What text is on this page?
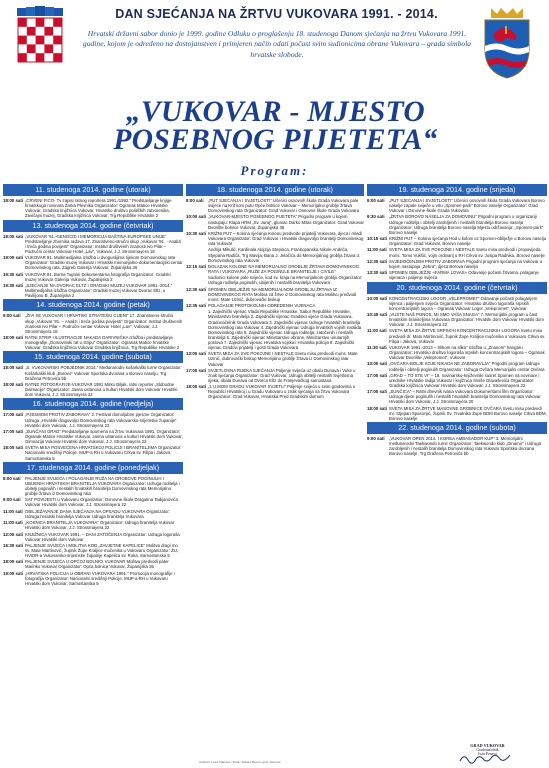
DAN SJEĆANJA NA ŽRTVU VUKOVARA 1991. - 2014.
Hrvatski državni sabor donio je 1999. godine Odluku o proglašenju 18. studenoga Danom sjećanja na žrtvu Vukovara 1991. godine, kojom je određeno na dostojanstven i primjeren način odati počast svim sudionicima obrane Vukovara – grada simbola hrvatske slobode.
„VUKOVAR - MJESTO
POSEBNOG PIJETETA“
Program:
11. studenoga 2014. godine (utorak)
18:00 sati „CRVENI FIĆO- Tv zapisi ratnog reportera 1991./1992.“ Predstavljanje knjige hrvatskoga novinara Žarka Plevnika Organizator: Ogranak Matice Hrvatske Vukovar, Gradska knjižnica Vukovar, Hrvatsko društvo političkih zatvorenika, Zavičajni muzej, Gradska knjižnica Vukovar, Trg Republike Hrvatske 2
13. studenoga 2014. godine (četvrtak)
18:00 sati „VUKOVAR '91.-GENOCID I MEMORICIJA BAŠTINA EUROPSKE UNIJE“ Predstavljanje zbornika radova 17. Znanstveno-stručni skup „Vukovar '91. - Analizi i treća godina povijesti“ Organizator: Institut društvenih znanosti Ivo Pilar – Područni centar Vukovar Hotel „Lav“, Vukovar, J.J. Strossmayera 18
19:00 sati VUKOVAR 91. Multimedijalna izložba u dvoguslijima tijekom Domovinskog rata Organizator: Gradski muzej Vukovar i Hrvatski memorijalno-dokumentacijski centar Domovinskog rata, Zagreb Galerija Vukovar, Županijska 36
19:30 sati VUKOVAR 91. Borna Tognini Dokumentarna fotografija Organizator: Gradski muzej Vukovar Galerija Vukovar, Županijska 2
19:30 sati „SJEĆANJE NA DVORAC ELTZ I GRADSKI MUZEJ VUKOVAR 1991.-2014.“ Multimedijalna izložba Organizator: Gradski muzej Vukovar Dvorac Eltz, u Pavilijonu B, Županijska 2
14. studenoga 2014. godine (petak)
9:00 sati	„ŽIVI SE VUKOVAR I HRVATSKI STRATEŠKI CIJENI“ 17. Znanstveno-stručni skup „Vukovar '91. – Analizi i treća godina povijesti“ Organizator: Institut društvenih znanosti Ivo Pilar – Područni centar Vukovar Hotel „Lav“, Vukovar, J.J. Strossmayera 18
18:00 sati RATNI STRIP I ILUSTRACIJE NAKADA DARIVNIČKA Izložba i predstavljanje monografije „Domovinski rat u stripu“ Organizator: Ogranak Matice hrvatske Vukovar, Gradska knjižnica Vukovar Gradska knjižnica, Trg Republike Hrvatske 2
15. studenoga 2014. godine (subota)
18:00 sati „S. VUKOVARSKI POBJEDNIK 2014.“ Međunarodni košarkaški turnir Organizator: Košarkaški klub „Borovo“ Vukovar Sportska dvorana u Borovo naselju, Trg Dražena Petrovića bb
18:00 sati RATNE FOTOGRAFIJE-VUKOVAR 1991 Mirko Biljak, ratni reporter „Slobodne Dalmacije“ Organizator: Javna ustanova u kulturi Hrvatski dom Vukovar Hrvatski dom Vukovar, J.J. Strossmayera 22
16. studenoga 2014. godine (nedjelja)
17:00 sati „PJESMOM PROTIV ZABORAVA“ 2. Festival domoljubne pjesme Organizator: Udruga „Hrvatski dragovoljci Domovinskog rata Vukovarsko-srijemske županije“ Hrvatski dom Vukovar, J.J. Strossmayera 22
17:00 sati „SUNČANI GRAD“ Predstavljanje spomena na žrtvu Vukovara 1991. Organizator: Ogranak Matice Hrvatske Vukovar, Javna ustanova u kulturi Hrvatski dom Vukovar, Gimnazija Vukovar Hrvatski dom Vukovar, J.J. Strossmayera 22
18:00 sati SVETA MISA POSVEĆENA HRVATSKOJ POLICIJI I BRANITELJIMA Organizator: Nacionalni središnji Policije, MUP-a RH u Vukovaru Crkva sv. Filipa i Jakova, Samostanska 5
17. studenoga 2014. godine (ponedjeljak)
8:00 sati	PALJENJE SVIJEĆA I POLAGANJE RUŽA NA GROBOVE POGINULIH I UBIJENIH HRVATSKIH BRANITELJA VUKOVARA Organizator: Udruga roditelja i obitelji poginulih i nestalih hrvatskih branitelja Domovinskog rata Memorijalno groblje žrtava iz Domovinskog rata
9:00 sati	SAT POVIJESTI u Vukovaru Organizator: Osnovne škole Dragutina Tadijanovića Vukovar Hrvatski dom Vukovar, J.J. Strossmayera 22
11:00 sati OBILJEŽAVANJE DANA SJEĆANJA NA OPSADU VUKOVARA Organizator: Udruga hrvatski branitelja Vukovar Udruga branitelja Vukovara
11:00 sati „KOSNICA BRANITELJA VUKOVARA“ Organizator: Udruga branitelja Vukovar Hrvatski dom Vukovar, J.J. Strossmayera 22
12:00 sati KNJIŽNICA VUKOVAR 1991. – DANI ZATOČENJA Organizator: Udruga logoraša Vukovar Hrvatski dom Vukovar
16:30 sati PALJENJE SVIJEĆA I MOLITVA KOD „ZAVJETNE KAPELICE“ Molitva dragi mo sv. Mate Martinović, župnik Župe Kraljice mučenika u Vukovaru Organizator: ŽU, HVIDR-a Vukovarsko-srijemske županije Kapelica sv. Roka, Samostanska 5
18:00 sati PALJENJE SVIJEĆA U OPĆOJ BOLNICI VUKOVAR Molitva predvodi pater Marinko Vukovar Organizator: Opća bolnica Vukovar, Županijska 35
19:00 sati „HRVATSKA POLICIJA U OBRANI VUKOVARA 1991.“ Promocija monografije i fotografija Organizator: Nacionalni središnji Policije, MUP-a RH u Vukovaru Hrvatski dom Vukovar, Samostanska 5
18. studenoga 2014. godine (utorak)
8:00 sati	„PUT SJEĆANJA I SVJETLOSTI“ Učenici osnovnih škola Grada Vukovara pale svijeće na Križnom putu Opće bolnice Vukovar – Memorijalno groblje žrtava Domovinskog rata Organizator: Grad Vukovar i Osnovne škole Grada Vukovara
10:00 sati „VUKOVAR-MJESTO POSEBNOG PIJETETA“ Prigodni program u kojem nastupaju: Klapa HRM „Sv. Juraj“, glumac Darko Milas Organizator: Grad Vukovar Dvorište bolnice Vukovar, Županijska 35
10:30 sati KRIŽNI PUT – Kolona sjećanja Kolonu predvode prijatelji Vukovara, djeca i mladi Vukovara Organizator: Grad Vukovar i Hrvatski dragovoljci branitelji Domovinskog rata Vukovar
Andrija Mikulić, Kardinala Alojzija Stepinca, Frankopanska Nikole Andrića, Stjepana Radića, Trg Mavija, Bana J. Jelačića do Memorijalnog groblja žrtava iz Domovinskog rata Vukovar
12:15 sati DOLAZAK KOLONE NA MEMORIJALNO GROBLJE ŽRTAVA DOMOVINSKOG RATA I VUKOVARA „RUŽE ZA POGINULE BRANITELJE I CIVILE“
Sudionici kolone pale svijeće, kod sv. kraja na Memorijalnom groblju Organizator: Udruga roditelja poginulih, ubijenih i nestalih branitelja Vukovara
12:30 sati SPOMEN OBILJEŽJE NA MEMORIJALNOM GROBLJU ŽRTAVA IZ DOMOVINSKOG RATA Molitva za žrtve iz Domovinskog rata Molitvu predvodi mons. Mate Uzinić, dubrovački biskup
12:35 sati POLAGANJE PROTOKOLNIH ODREDENIH VIJENACA
1. Zajednički vijenac Vlada Republike Hrvatske, Sabor Republike Hrvatske, Ministarstvo branitelja 2. Zajednički vijenac Gradsko vijeće Grada Vukovara, Gradonačelnik Grada Vukovara 3. Zajednički vijenac Udruge hrvatskih branitelja Domovinskog rata Vukovar 4. Zajednički vijenac Udruga hrvatskih vojnih invalida Domovinskog rata 5. Zajednički vijenac Udruga roditelja, zatočenih i nestalih branitelja 6. Zajednički vijenac Ministarstvo obrane, Ministarstvo unutarnjih poslova 7. Zajednički vijenac Hrvatska vojska i Hrvatska policija 8. Zajednički vijenac Gradovi prijatelji i gosti Grada Vukovara
13:00 sati SVETA MISA ZA SVE POKOJNE I NESTALE Svetu misu predvodi mons. Mate Uzinić, dubrovački biskup Memorijalno groblje žrtava iz Domovinskog rata Vukovar
17:00 sati SVJETLOSNA RIJEKA SJEĆANJA Paljenje svijeća uz obalu Dunava i Vuke u znak sjećanja Organizator: Grad Vukovar, Udruga obitelji nestalih Svjetlosna rijeka, obala Dunava od Dvorca Eltz do Franjevačkog samostana
18:00 sati „1 U MOM GRADU VUKOVAR SVJETLI“ Paljenje svijeća u svim gradovima u Republici Hrvatskoj i u Gradu Vukovaru u znak sjećanja na žrtvu Vukovara Organizator: Grad Vukovar, Hrvatska Pred Gradskim domom
19. studenoga 2014. godine (srijeda)
8:00 sati	„PUT SJEĆANJA I SVJETLOSTI“ Učenici osnovnih škola Grada Vukovara Borovo naselje zapale svijeće u vrtu „Spomen-park“ Borovo naselje Organizator: Grad Vukovar i Osnovne škole Grada Vukovara
9:30 sati	„ŽRTVA BOROVO NASELJA ZA DOMOVINU“ Prigodni program u organizaciji Udruge roditelja i obitelji zarobljenih i nestalih branitelja Borovo naselja Organizator: Udruga branitelja Borovo naselja Mjesto održavanja: „Spomen-park“ Borovo naselje
10:15 sati KRIŽNI PUT – Kolona sjećanja Hod u koloni uz Spomen-obilježje u Borovu naselju Organizator: Grad Vukovar, Borovo naselje
11:00 sati SVETA MISA ZA SVE POKOJNE I NESTALE Svetu misu predvodi i propovijeda mons. Tomo Vukšić, vojni ordinarij u RH Crkva sv. Josipa Radnika, Borovo naselje
12:30 sati SVJEDOČENJEM PROTIV ZABORAVA Prigodni program sjećanja na Vukovar u kojem nastupaju „Zebra“, djeca Borova naselja
13:30 sati SPOMEN OBILJEŽJE «FARMA LOVAS» Odavanje počasti žrtvama, polaganje vijenaca i paljenje svijeća
20. studenoga 2014. godine (četvrtak)
10:00 sati KONCENTRACIJSKI LOGOR „VELEPROMET“ Odavanje počasti polaganjem vijenca i paljenjem svijeća Organizator: Hrvatsko društvo logoraša srpskih koncentracijskih logora – Ogranak Vukovar Logor „Velepromet“, Vukovar
10:45 sati „VUSTE NAŠ PONOS, MI SMO VAŠA SNAGA“ 7. Memorijalni program u čast hrvatskim braniteljima Vukovara Organizator: Hrvatski dom Vukovar Hrvatski dom Vukovar, J.J. Strossmayera 22
11:00 sati SVETA MISA ZA ŽRTVE SRPSKIH KONCENTRACIJSKIH LOGORA Svetu misu predvodi dr. Mato Martinović, župnik Župe Kraljice mučenika u Vukovaru Crkva sv. Filipa i Jakova, Vukovar
11:30 sati VUKOVAR 1991.-2013 – Slikom na slika“ Izložba u „Znanom“ hangaru Organizator: Hrvatsko društvo logoraša srpskih koncentracijskih logora – Ogranak Vukovar Dvorište „Velepromet“, Vukovar
13:00 sati „OVČARA-BOLJE KOJE NIKADA NE ZABORAVLJA“ Prigodni program Udruge roditelja i obitelji poginulih Organizator: Udruga Ovčara Memorijalni centar Ovčara
17:00 sati „GRAD – TO STE VI“ – 18. novinarsko-književniki susret Spomen na novinare i urednike Hrvatske radija Vukovar i knjižnica Siniše Glavaševića Organizator: Gradska knjižnica Vukovar Hrvatski dom Vukovar, J.J. Strossmayera 22
17:00 sati „SUNČICA“ – Ratni dnevnik Ivana Vukovara Dokumentarni film Organizator: Udruga djece poginulih i nestalih hrvatskih branitelja Domovinskog rata Vukovar Hrvatski dom Vukovar, J.J. Strossmayera 20
18:00 sati SVETA MISA ZA ŽRTVE MASOVNE GROBNICE OVČARA Svetu misu predvodi mr. Stjepan Spasonjić, župnik Sv. Trvatnika Župe BDM Borovo naselje Crkva BDM, Borovo naselje
22. studenoga 2014. godine (subota)
9:00 sati	„VUKOVAR OPEN 2014. I KOREA AMBASADOR KUP“ 3. Memorijalni međunarodni Taekwondo turnir Organizator: Taekwondo klub „Dinamo“ i Udruga zarobljenih i nestalih branitelja Domovinskog rata Vukovar Sportska dvorana Borovo naselje, Trg Dražena Petrovića bb
Izdavač: Grad Vukovar | Tisak: Tiskara Borovo graf, Vukovar
GRAD VUKOVAR
Gradonačelnik
Ivan Penava
